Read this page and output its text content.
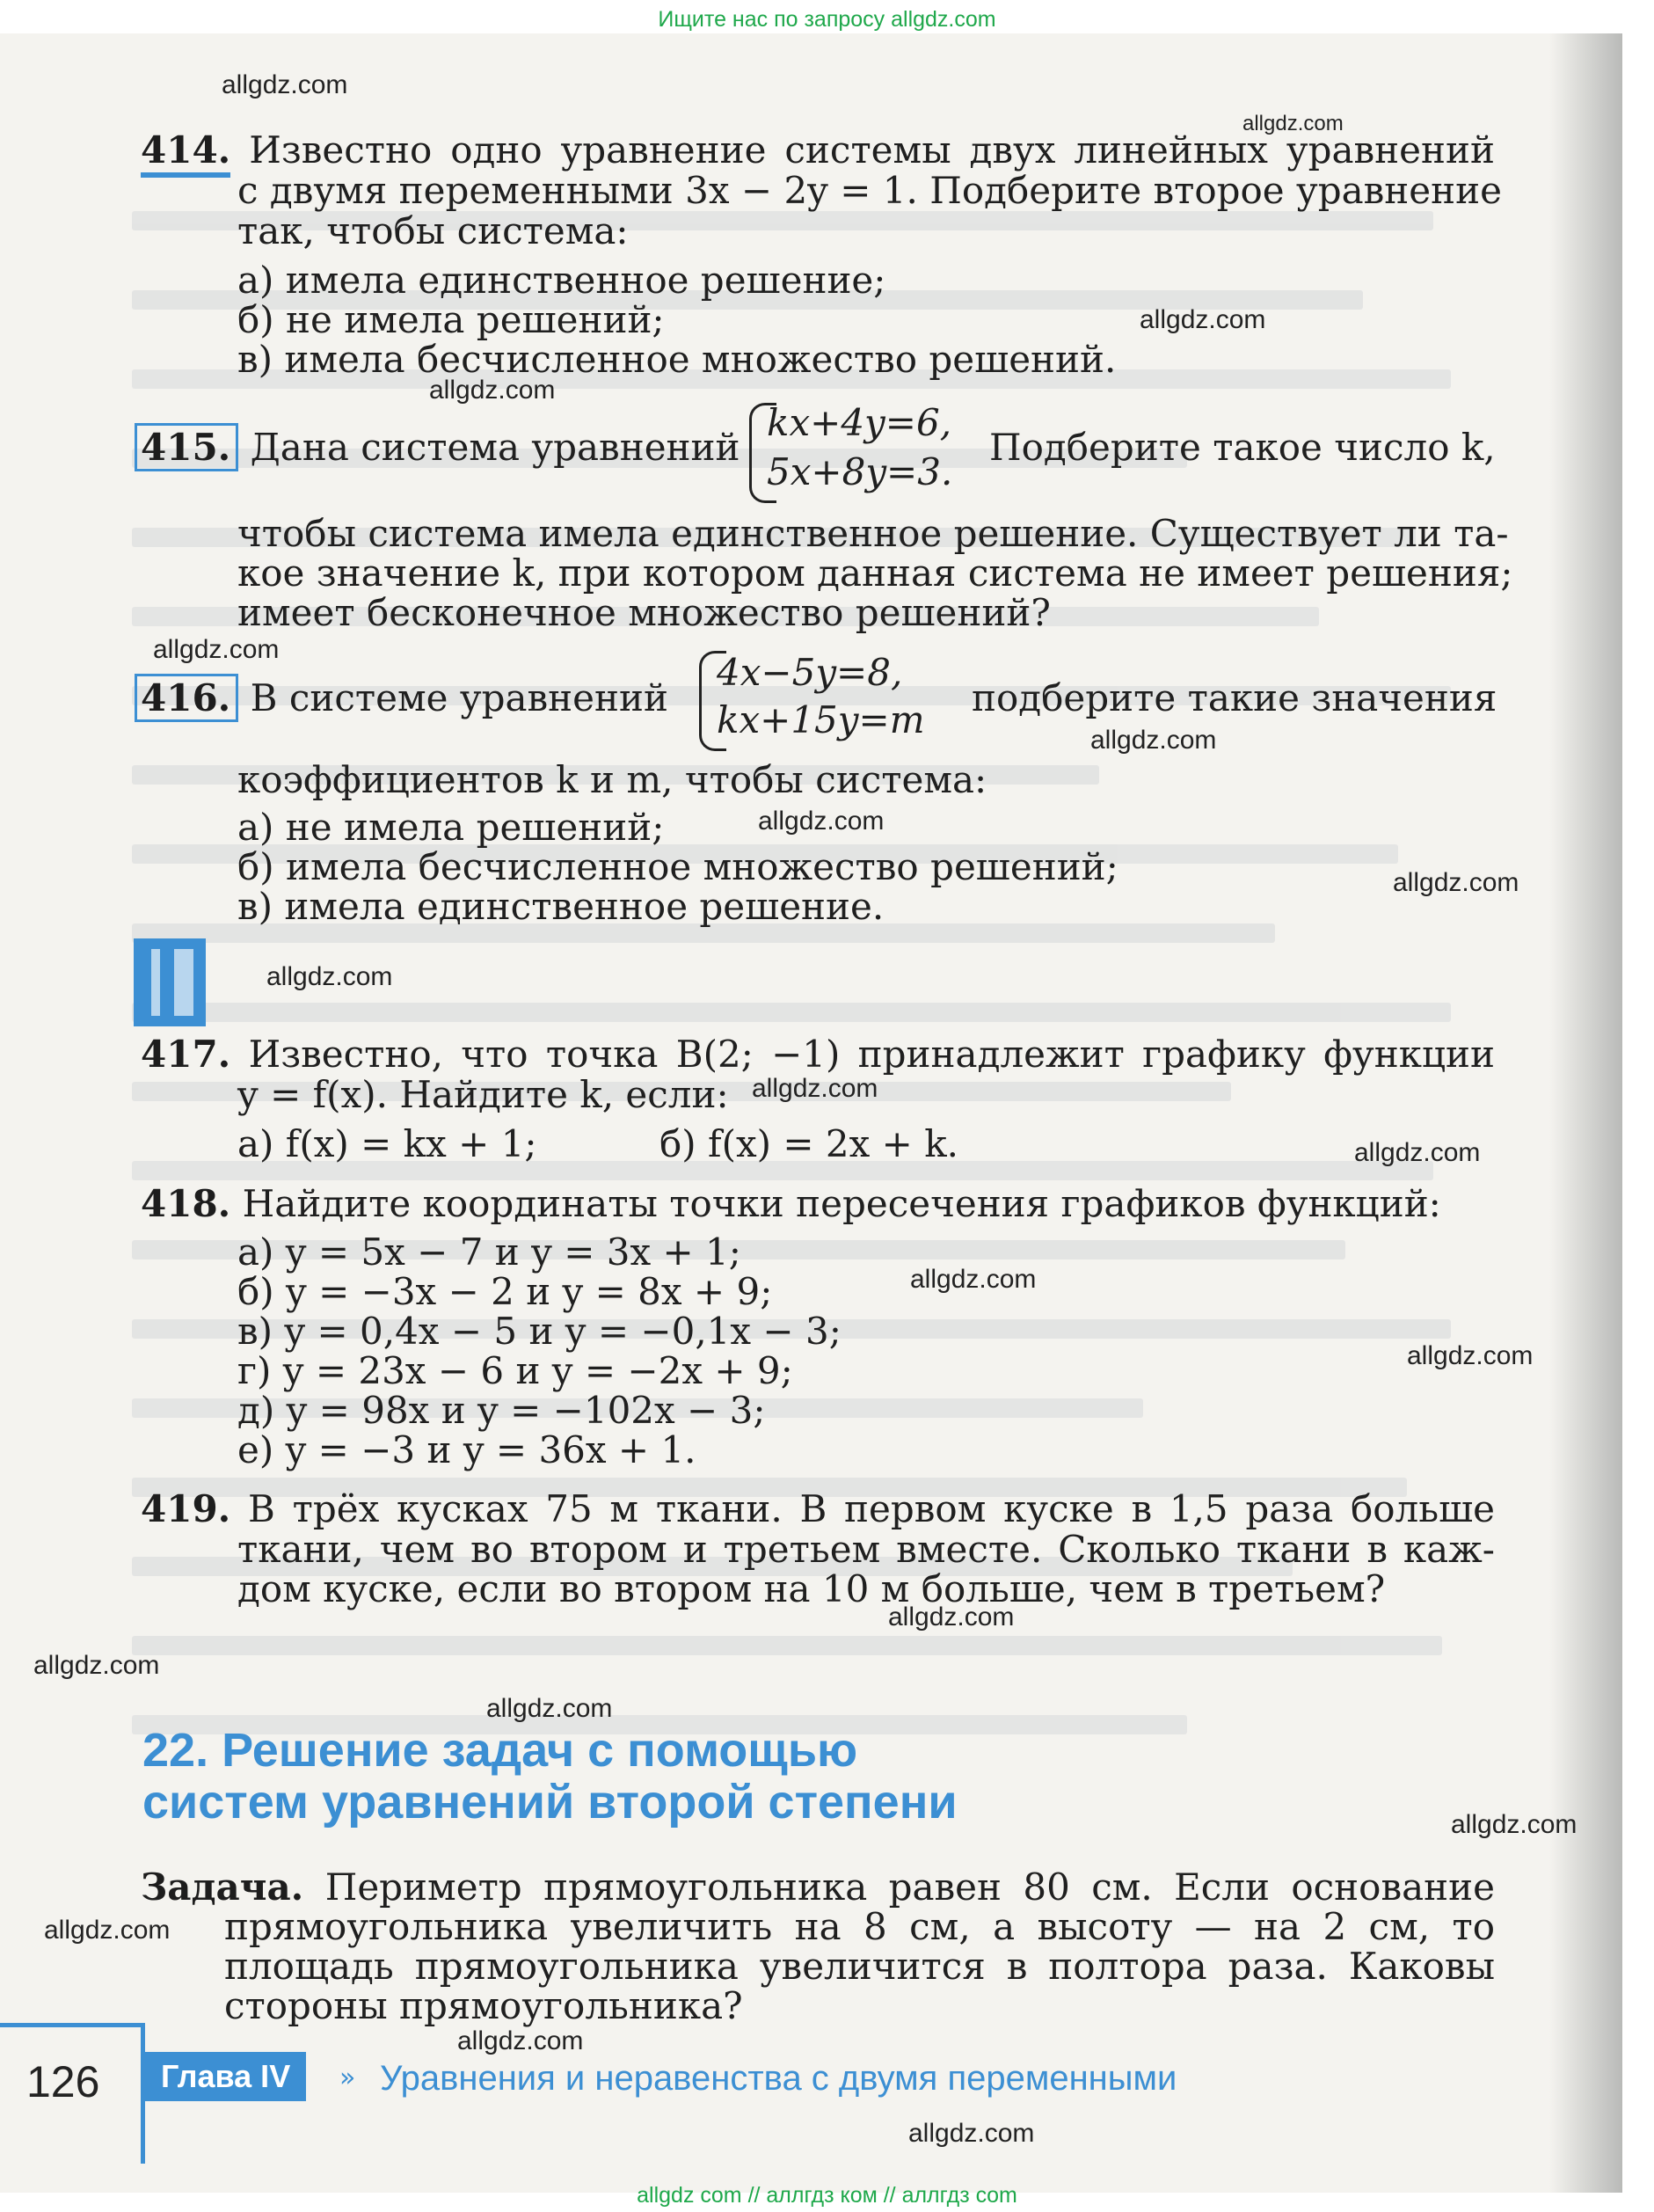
Ищите нас по запросу allgdz.com
414. Известно одно уравнение системы двух линейных уравнений
с двумя переменными 3x − 2y = 1. Подберите второе уравнение
так, чтобы система:
а) имела единственное решение;
б) не имела решений;
в) имела бесчисленное множество решений.
415. Дана система уравнений
kx+4y=6,
5x+8y=3.
Подберите такое число k,
чтобы система имела единственное решение. Существует ли та-
кое значение k, при котором данная система не имеет решения;
имеет бесконечное множество решений?
416. В системе уравнений
4x−5y=8,
kx+15y=m
подберите такие значения
коэффициентов k и m, чтобы система:
а) не имела решений;
б) имела бесчисленное множество решений;
в) имела единственное решение.
417. Известно, что точка B(2; −1) принадлежит графику функции
y = f(x). Найдите k, если:
а) f(x) = kx + 1;	б) f(x) = 2x + k.
418. Найдите координаты точки пересечения графиков функций:
а) y = 5x − 7 и y = 3x + 1;
б) y = −3x − 2 и y = 8x + 9;
в) y = 0,4x − 5 и y = −0,1x − 3;
г) y = 23x − 6 и y = −2x + 9;
д) y = 98x и y = −102x − 3;
е) y = −3 и y = 36x + 1.
419. В трёх кусках 75 м ткани. В первом куске в 1,5 раза больше
ткани, чем во втором и третьем вместе. Сколько ткани в каж-
дом куске, если во втором на 10 м больше, чем в третьем?
22. Решение задач с помощью
систем уравнений второй степени
Задача. Периметр прямоугольника равен 80 см. Если основание
прямоугольника увеличить на 8 см, а высоту — на 2 см, то
площадь прямоугольника увеличится в полтора раза. Каковы
стороны прямоугольника?
126	Глава IV	» Уравнения и неравенства с двумя переменными
allgdz.com
allgdz.com
allgdz.com
allgdz.com
allgdz.com
allgdz.com
allgdz.com
allgdz.com
allgdz.com
allgdz.com
allgdz.com
allgdz.com
allgdz.com
allgdz.com
allgdz.com
allgdz.com
allgdz.com
allgdz.com
allgdz.com
allgdz.com
allgdz com // аллгдз ком // аллгдз com
